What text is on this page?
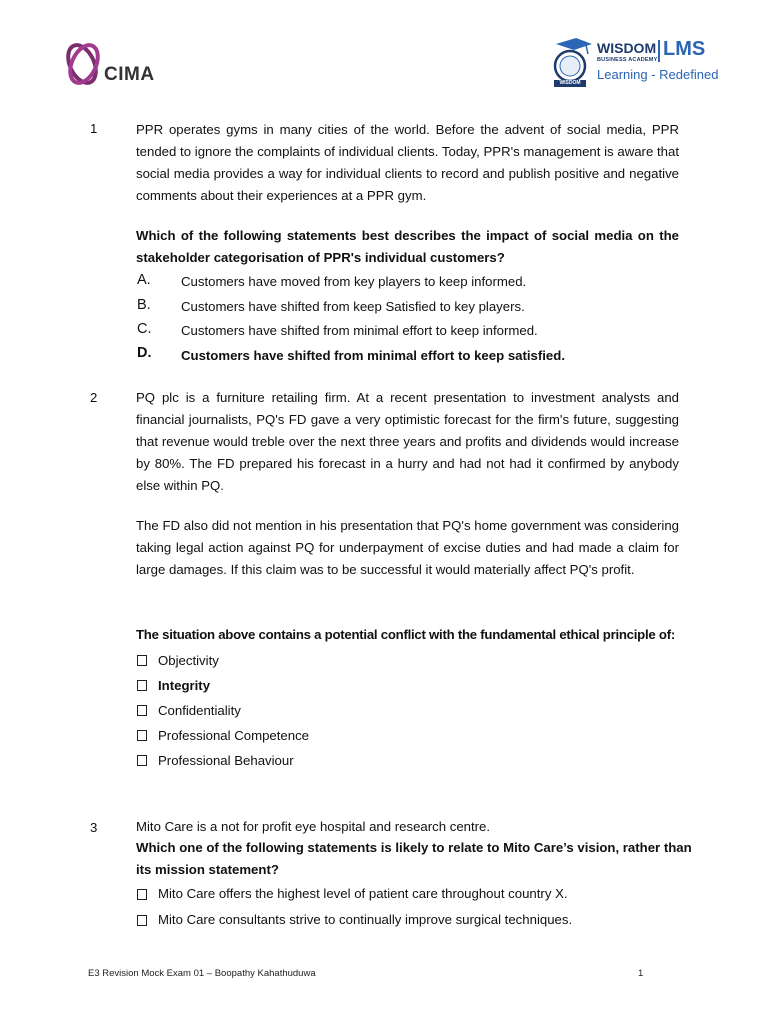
CIMA	WISDOM
WISDOM
BUSINESS ACADEMY LMS
Learning - Redefined
1	PPR operates gyms in many cities of the world. Before the advent of social media, PPR tended to ignore the complaints of individual clients. Today, PPR's management is aware that social media provides a way for individual clients to record and publish positive and negative comments about their experiences at a PPR gym.
Which of the following statements best describes the impact of social media on the stakeholder categorisation of PPR's individual customers?
A. Customers have moved from key players to keep informed.
B. Customers have shifted from keep Satisfied to key players.
C. Customers have shifted from minimal effort to keep informed.
D. Customers have shifted from minimal effort to keep satisfied.
2	PQ plc is a furniture retailing firm. At a recent presentation to investment analysts and financial journalists, PQ's FD gave a very optimistic forecast for the firm's future, suggesting that revenue would treble over the next three years and profits and dividends would increase by 80%. The FD prepared his forecast in a hurry and had not had it confirmed by anybody else within PQ.
The FD also did not mention in his presentation that PQ's home government was considering taking legal action against PQ for underpayment of excise duties and had made a claim for large damages. If this claim was to be successful it would materially affect PQ's profit.
The situation above contains a potential conflict with the fundamental ethical principle of:
Objectivity
Integrity
Confidentiality
Professional Competence
Professional Behaviour
3	Mito Care is a not for profit eye hospital and research centre.
Which one of the following statements is likely to relate to Mito Care’s vision, rather than its mission statement?
Mito Care offers the highest level of patient care throughout country X.
Mito Care consultants strive to continually improve surgical techniques.
E3 Revision Mock Exam 01 – Boopathy Kahathuduwa	1
